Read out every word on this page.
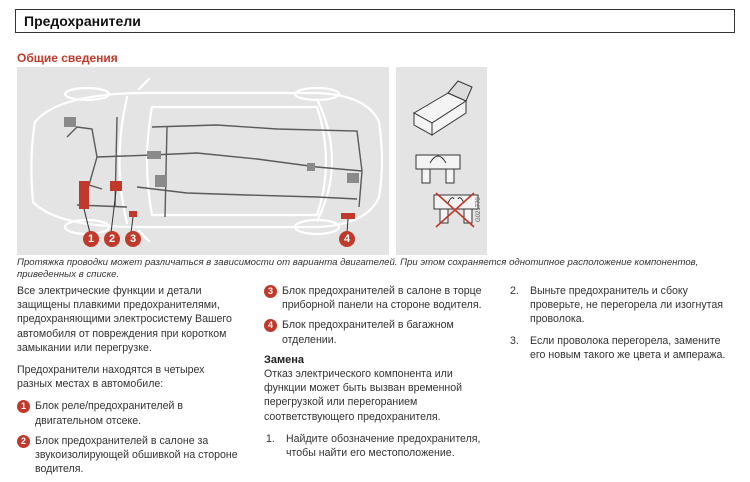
Предохранители
Общие сведения
1	2	3	4
G021779
Протяжка проводки может различаться в зависимости от варианта двигателей. При этом сохраняется однотипное расположение компонентов, приведенных в списке.

Все электрические функции и детали защищены плавкими предохранителями, предохраняющими электросистему Вашего автомобиля от повреждения при коротком замыкании или перегрузке.

Предохранители находятся в четырех разных местах в автомобиле:

1 Блок реле/предохранителей в двигательном отсеке.
2 Блок предохранителей в салоне за звукоизолирующей обшивкой на стороне водителя.
3 Блок предохранителей в салоне в торце приборной панели на стороне водителя.
4 Блок предохранителей в багажном отделении.
Замена

Отказ электрического компонента или функции может быть вызван временной перегрузкой или перегоранием соответствующего предохранителя.

1. Найдите обозначение предохранителя, чтобы найти его местоположение.
2. Выньте предохранитель и сбоку проверьте, не перегорела ли изогнутая проволока.
3. Если проволока перегорела, замените его новым такого же цвета и ампеража.
